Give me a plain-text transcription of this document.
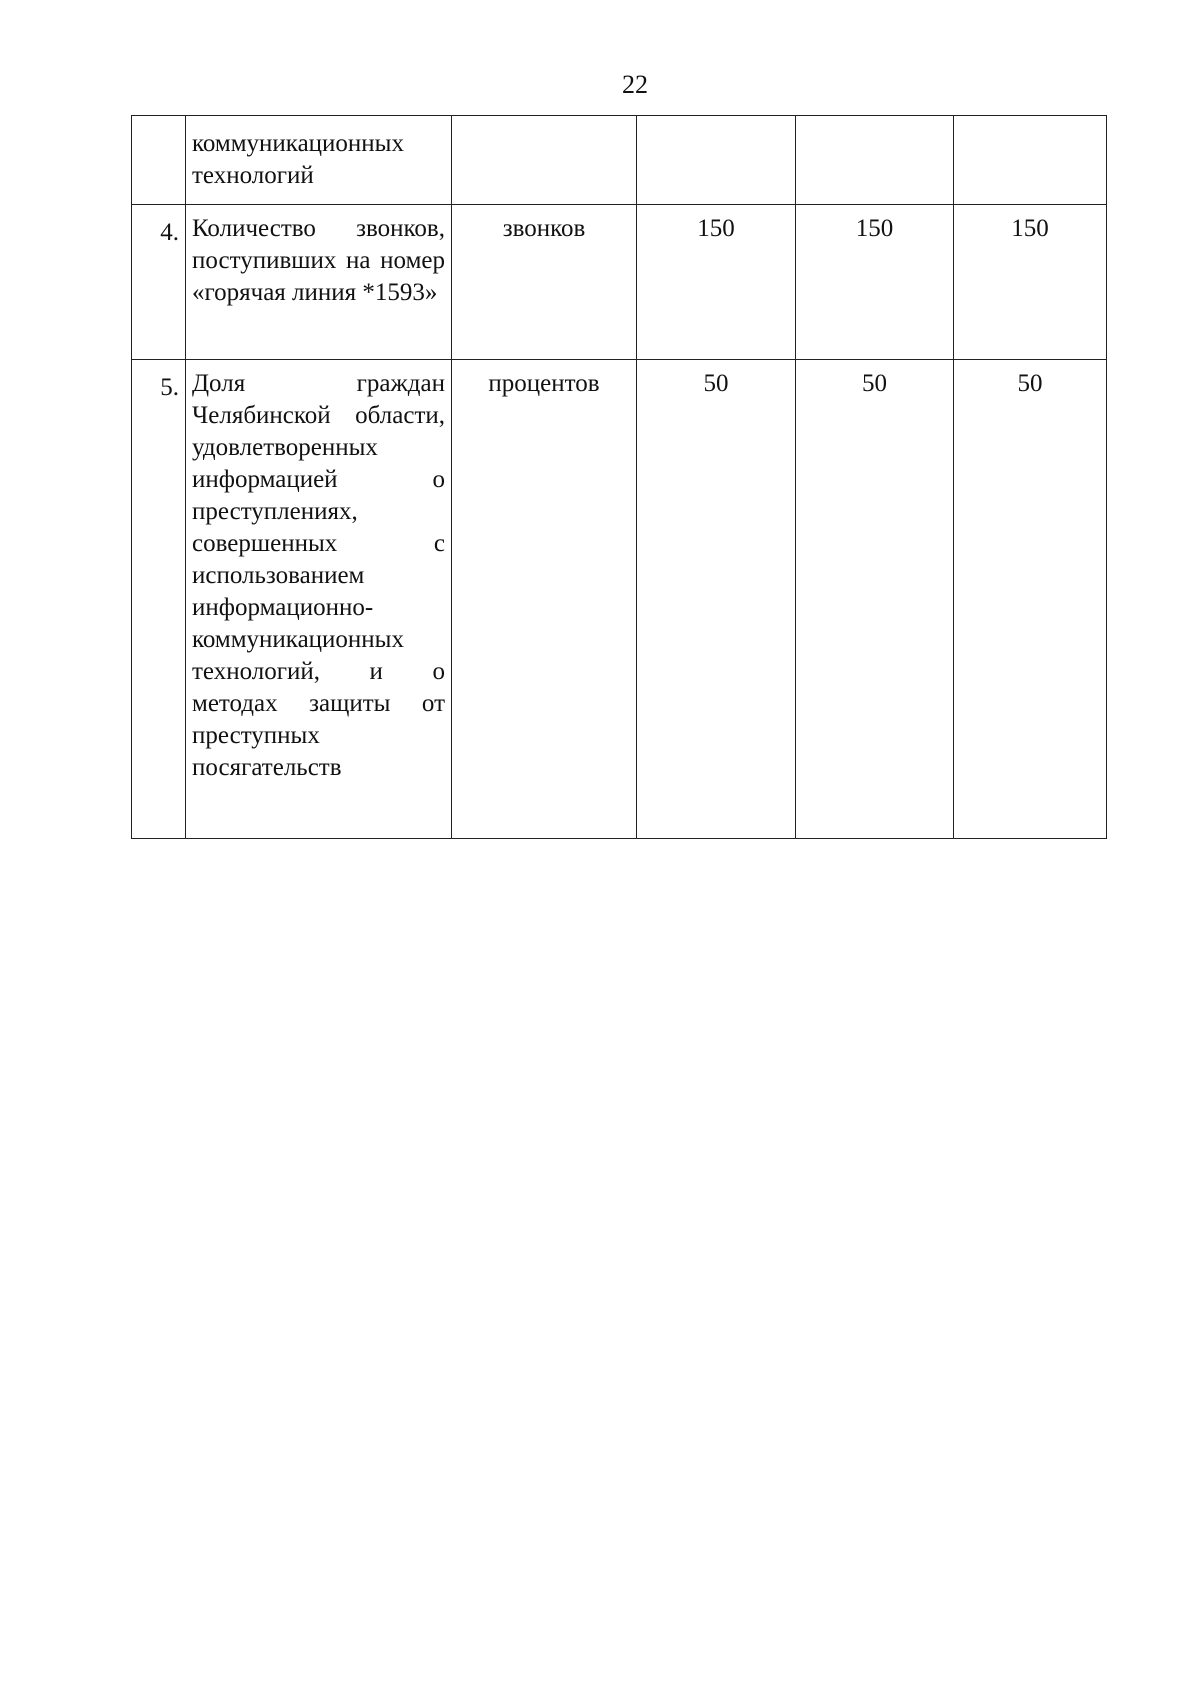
22
	коммуникационных технологий				
4.	Количество звонков, поступивших на номер «горячая линия *1593»	звонков	150	150	150
5.	Доля граждан Челябинской области, удовлетворенных информацией о преступлениях, совершенных с использованием информационно-коммуникационных технологий, и о методах защиты от преступных посягательств	процентов	50	50	50
